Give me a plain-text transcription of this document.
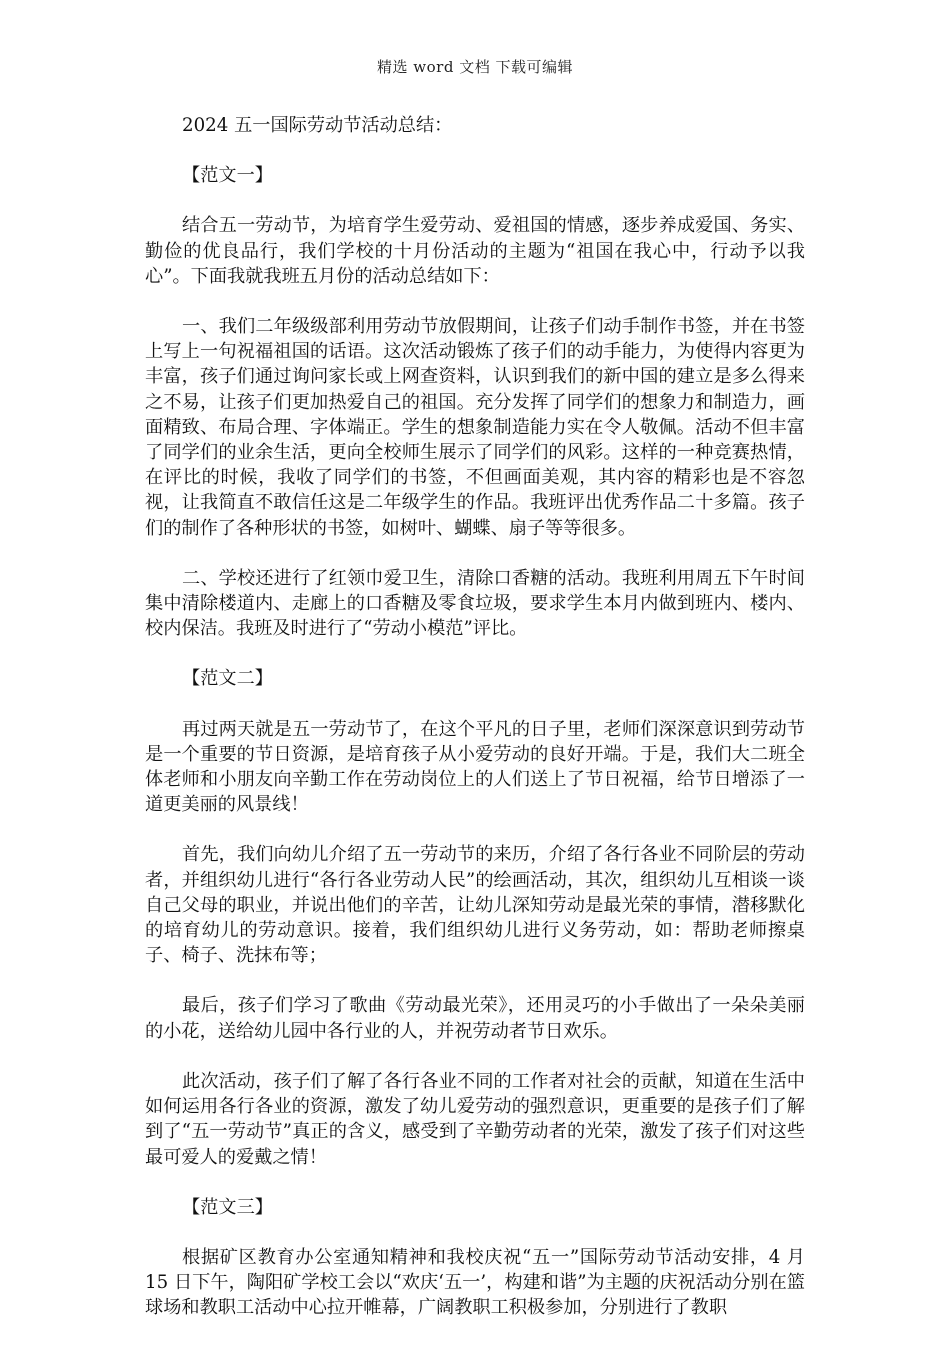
精选 word 文档 下载可编辑

2024 五一国际劳动节活动总结：

【范文一】

结合五一劳动节，为培育学生爱劳动、爱祖国的情感，逐步养成爱国、务实、勤俭的优良品行，我们学校的十月份活动的主题为“祖国在我心中，行动予以我心”。下面我就我班五月份的活动总结如下：

一、我们二年级级部利用劳动节放假期间，让孩子们动手制作书签，并在书签上写上一句祝福祖国的话语。这次活动锻炼了孩子们的动手能力，为使得内容更为丰富，孩子们通过询问家长或上网查资料，认识到我们的新中国的建立是多么得来之不易，让孩子们更加热爱自己的祖国。充分发挥了同学们的想象力和制造力，画面精致、布局合理、字体端正。学生的想象制造能力实在令人敬佩。活动不但丰富了同学们的业余生活，更向全校师生展示了同学们的风彩。这样的一种竞赛热情，在评比的时候，我收了同学们的书签，不但画面美观，其内容的精彩也是不容忽视，让我简直不敢信任这是二年级学生的作品。我班评出优秀作品二十多篇。孩子们的制作了各种形状的书签，如树叶、蝴蝶、扇子等等很多。

二、学校还进行了红领巾爱卫生，清除口香糖的活动。我班利用周五下午时间集中清除楼道内、走廊上的口香糖及零食垃圾，要求学生本月内做到班内、楼内、校内保洁。我班及时进行了“劳动小模范”评比。

【范文二】

再过两天就是五一劳动节了，在这个平凡的日子里，老师们深深意识到劳动节是一个重要的节日资源，是培育孩子从小爱劳动的良好开端。于是，我们大二班全体老师和小朋友向辛勤工作在劳动岗位上的人们送上了节日祝福，给节日增添了一道更美丽的风景线！

首先，我们向幼儿介绍了五一劳动节的来历，介绍了各行各业不同阶层的劳动者，并组织幼儿进行“各行各业劳动人民”的绘画活动，其次，组织幼儿互相谈一谈自己父母的职业，并说出他们的辛苦，让幼儿深知劳动是最光荣的事情，潜移默化的培育幼儿的劳动意识。接着，我们组织幼儿进行义务劳动，如：帮助老师擦桌子、椅子、洗抹布等；

最后，孩子们学习了歌曲《劳动最光荣》，还用灵巧的小手做出了一朵朵美丽的小花，送给幼儿园中各行业的人，并祝劳动者节日欢乐。

此次活动，孩子们了解了各行各业不同的工作者对社会的贡献，知道在生活中如何运用各行各业的资源，激发了幼儿爱劳动的强烈意识，更重要的是孩子们了解到了“五一劳动节”真正的含义，感受到了辛勤劳动者的光荣，激发了孩子们对这些最可爱人的爱戴之情！

【范文三】

根据矿区教育办公室通知精神和我校庆祝“五一”国际劳动节活动安排，4 月 15 日下午，陶阳矿学校工会以“欢庆‘五一’，构建和谐”为主题的庆祝活动分别在篮球场和教职工活动中心拉开帷幕，广阔教职工积极参加，分别进行了教职
